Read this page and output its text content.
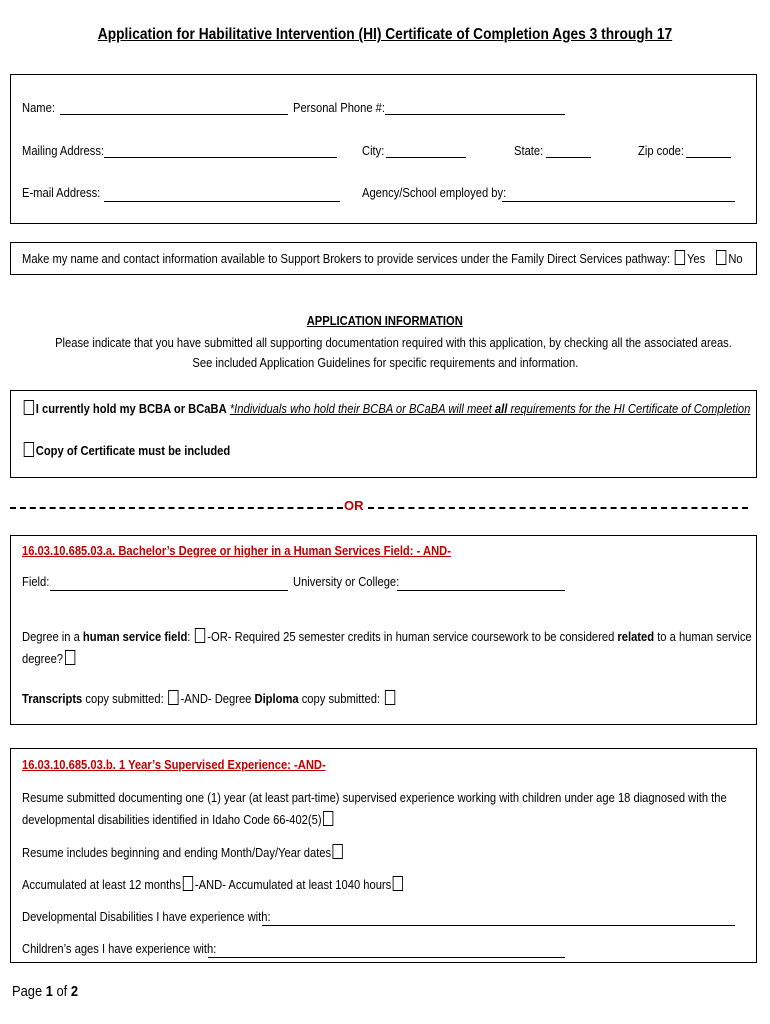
Application for Habilitative Intervention (HI) Certificate of Completion Ages 3 through 17
Name:	Personal Phone #:
Mailing Address:	City:	State:	Zip code:
E-mail Address:	Agency/School employed by:
Make my name and contact information available to Support Brokers to provide services under the Family Direct Services pathway: Yes No
APPLICATION INFORMATION
Please indicate that you have submitted all supporting documentation required with this application, by checking all the associated areas.
See included Application Guidelines for specific requirements and information.
I currently hold my BCBA or BCaBA *Individuals who hold their BCBA or BCaBA will meet all requirements for the HI Certificate of Completion
Copy of Certificate must be included
OR
16.03.10.685.03.a. Bachelor’s Degree or higher in a Human Services Field: - AND-
Field:	University or College:
Degree in a human service field: -OR- Required 25 semester credits in human service coursework to be considered related to a human service
degree?
Transcripts copy submitted: -AND- Degree Diploma copy submitted:
16.03.10.685.03.b. 1 Year’s Supervised Experience: -AND-
Resume submitted documenting one (1) year (at least part-time) supervised experience working with children under age 18 diagnosed with the
developmental disabilities identified in Idaho Code 66-402(5)
Resume includes beginning and ending Month/Day/Year dates
Accumulated at least 12 months -AND- Accumulated at least 1040 hours
Developmental Disabilities I have experience with:
Children’s ages I have experience with:
Page 1 of 2
